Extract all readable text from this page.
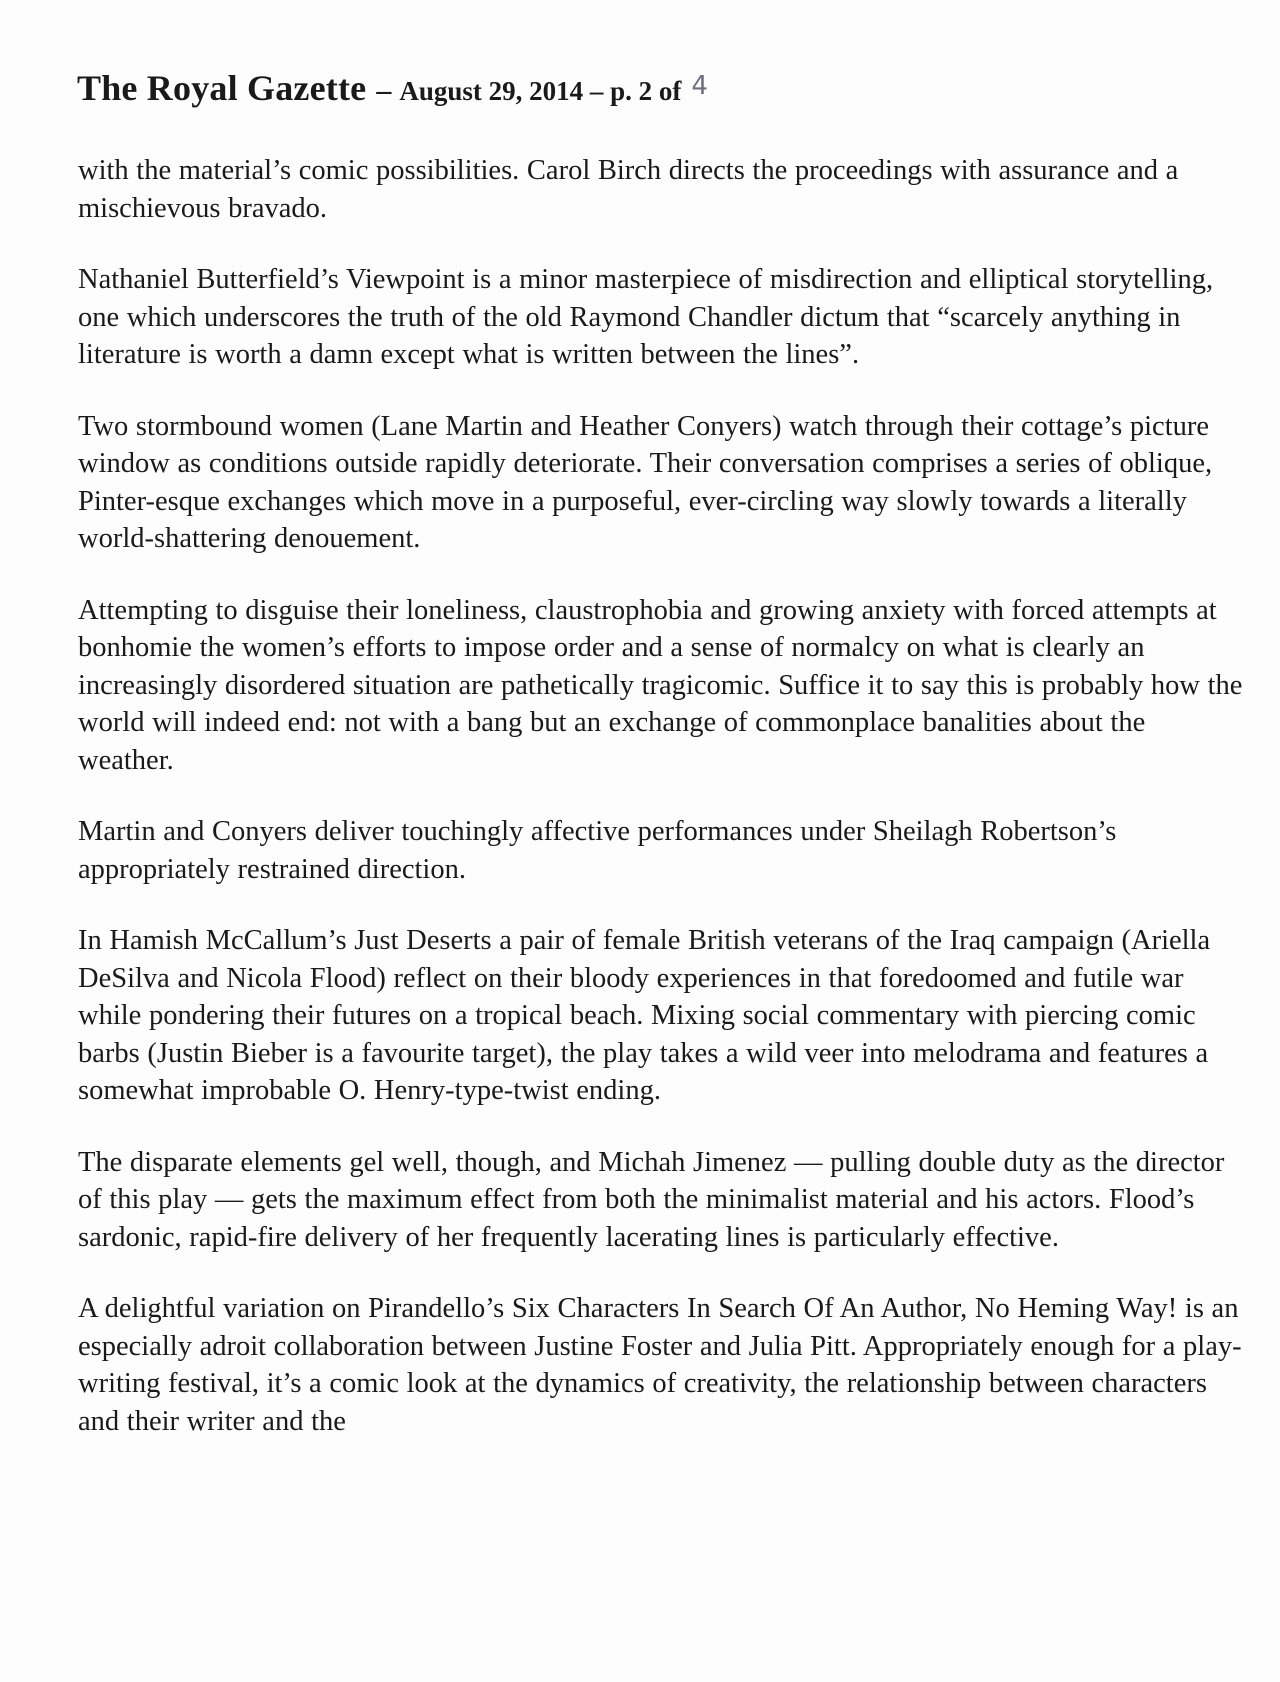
The Royal Gazette – August 29, 2014 – p. 2 of 4

with the material’s comic possibilities. Carol Birch directs the proceedings with assurance and a mischievous bravado.

Nathaniel Butterfield’s Viewpoint is a minor masterpiece of misdirection and elliptical storytelling, one which underscores the truth of the old Raymond Chandler dictum that “scarcely anything in literature is worth a damn except what is written between the lines”.

Two stormbound women (Lane Martin and Heather Conyers) watch through their cottage’s picture window as conditions outside rapidly deteriorate. Their conversation comprises a series of oblique, Pinter-esque exchanges which move in a purposeful, ever-circling way slowly towards a literally world-shattering denouement.

Attempting to disguise their loneliness, claustrophobia and growing anxiety with forced attempts at bonhomie the women’s efforts to impose order and a sense of normalcy on what is clearly an increasingly disordered situation are pathetically tragicomic. Suffice it to say this is probably how the world will indeed end: not with a bang but an exchange of commonplace banalities about the weather.

Martin and Conyers deliver touchingly affective performances under Sheilagh Robertson’s appropriately restrained direction.

In Hamish McCallum’s Just Deserts a pair of female British veterans of the Iraq campaign (Ariella DeSilva and Nicola Flood) reflect on their bloody experiences in that foredoomed and futile war while pondering their futures on a tropical beach. Mixing social commentary with piercing comic barbs (Justin Bieber is a favourite target), the play takes a wild veer into melodrama and features a somewhat improbable O. Henry-type-twist ending.

The disparate elements gel well, though, and Michah Jimenez — pulling double duty as the director of this play — gets the maximum effect from both the minimalist material and his actors. Flood’s sardonic, rapid-fire delivery of her frequently lacerating lines is particularly effective.

A delightful variation on Pirandello’s Six Characters In Search Of An Author, No Heming Way! is an especially adroit collaboration between Justine Foster and Julia Pitt. Appropriately enough for a play-writing festival, it’s a comic look at the dynamics of creativity, the relationship between characters and their writer and the
